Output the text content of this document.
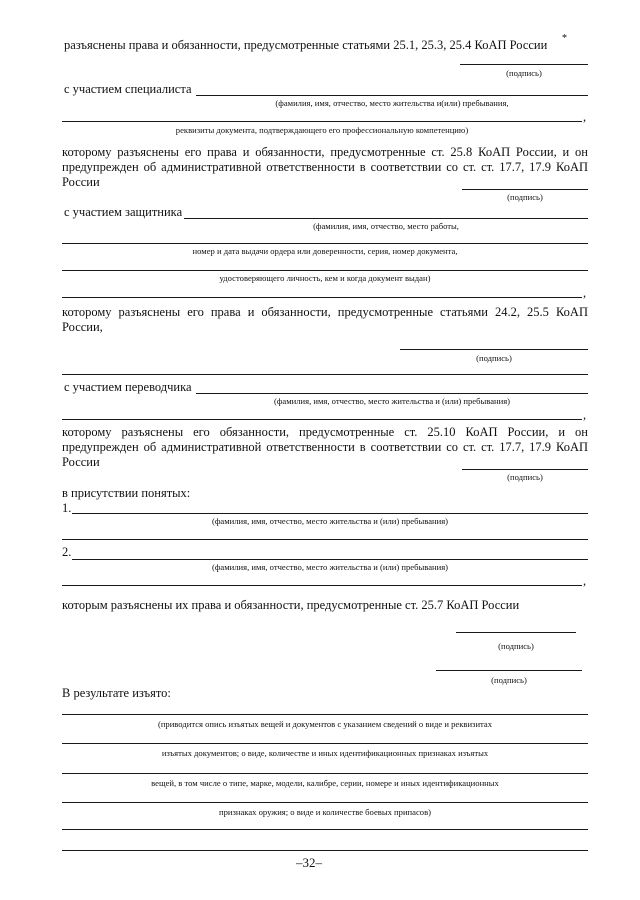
разъяснены права и обязанности, предусмотренные статьями 25.1, 25.3, 25.4 КоАП России *
(подпись)
с участием специалиста
(фамилия, имя, отчество, место жительства и(или) пребывания,
,
реквизиты документа, подтверждающего его профессиональную компетенцию)
которому разъяснены его права и обязанности, предусмотренные ст. 25.8 КоАП России, и он
предупрежден об административной ответственности в соответствии со ст. ст. 17.7, 17.9 КоАП
России
(подпись)
с участием защитника
(фамилия, имя, отчество, место работы,
номер и дата выдачи ордера или доверенности, серия, номер документа,
удостоверяющего личность, кем и когда документ выдан)
,
которому разъяснены его права и обязанности, предусмотренные статьями 24.2, 25.5 КоАП
России,
(подпись)
с участием переводчика
(фамилия, имя, отчество, место жительства и (или) пребывания)
,
которому разъяснены его обязанности, предусмотренные ст. 25.10 КоАП России, и он
предупрежден об административной ответственности в соответствии со ст. ст. 17.7, 17.9 КоАП
России
(подпись)
в присутствии понятых:
1.
(фамилия, имя, отчество, место жительства и (или) пребывания)
2.
(фамилия, имя, отчество, место жительства и (или) пребывания)
,
которым разъяснены их права и обязанности, предусмотренные ст. 25.7 КоАП России
(подпись)
(подпись)
В результате изъято:
(приводится опись изъятых вещей и документов с указанием сведений о виде и реквизитах
изъятых документов; о виде, количестве и иных идентификационных признаках изъятых
вещей, в том числе о типе, марке, модели, калибре, серии, номере и иных идентификационных
признаках оружия; о виде и количестве боевых припасов)
–32–
